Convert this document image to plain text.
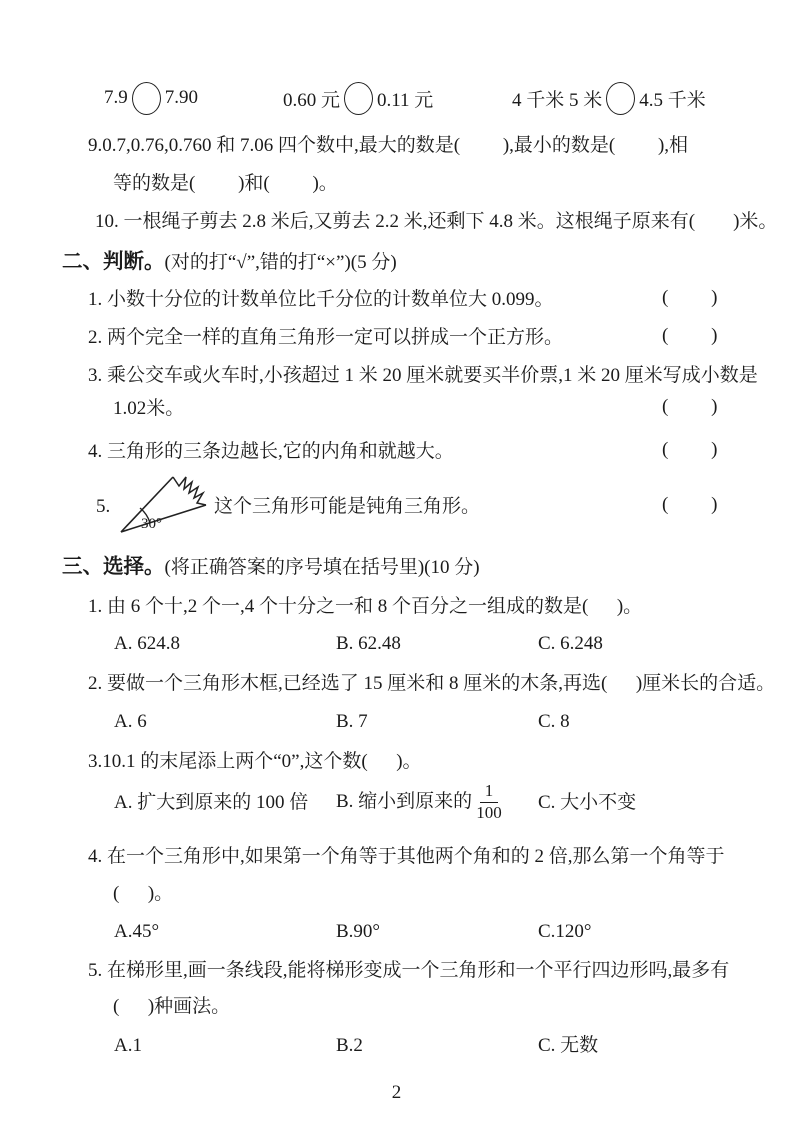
7.9 7.90	0.60 元 0.11 元	4 千米 5 米 4.5 千米
9.0.7,0.76,0.760 和 7.06 四个数中,最大的数是(         ),最小的数是(         ),相
等的数是(         )和(         )。
10. 一根绳子剪去 2.8 米后,又剪去 2.2 米,还剩下 4.8 米。这根绳子原来有(        )米。
二、判断。(对的打“√”,错的打“×”)(5 分)
1. 小数十分位的计数单位比千分位的计数单位大 0.099。	(         )
2. 两个完全一样的直角三角形一定可以拼成一个正方形。	(         )
3. 乘公交车或火车时,小孩超过 1 米 20 厘米就要买半价票,1 米 20 厘米写成小数是
1.02米。	(         )
4. 三角形的三条边越长,它的内角和就越大。	(         )
5.
30°
这个三角形可能是钝角三角形。	(         )
三、选择。(将正确答案的序号填在括号里)(10 分)
1. 由 6 个十,2 个一,4 个十分之一和 8 个百分之一组成的数是(      )。
A. 624.8	B. 62.48	C. 6.248
2. 要做一个三角形木框,已经选了 15 厘米和 8 厘米的木条,再选(      )厘米长的合适。
A. 6	B. 7	C. 8
3.10.1 的末尾添上两个“0”,这个数(      )。
A. 扩大到原来的 100 倍 B. 缩小到原来的 $\frac{1}{100} C$. 大小不变
4. 在一个三角形中,如果第一个角等于其他两个角和的 2 倍,那么第一个角等于
(      )。
A.45°	B.90°	C.120°
5. 在梯形里,画一条线段,能将梯形变成一个三角形和一个平行四边形吗,最多有
(      )种画法。
A.1	B.2	C. 无数
2
